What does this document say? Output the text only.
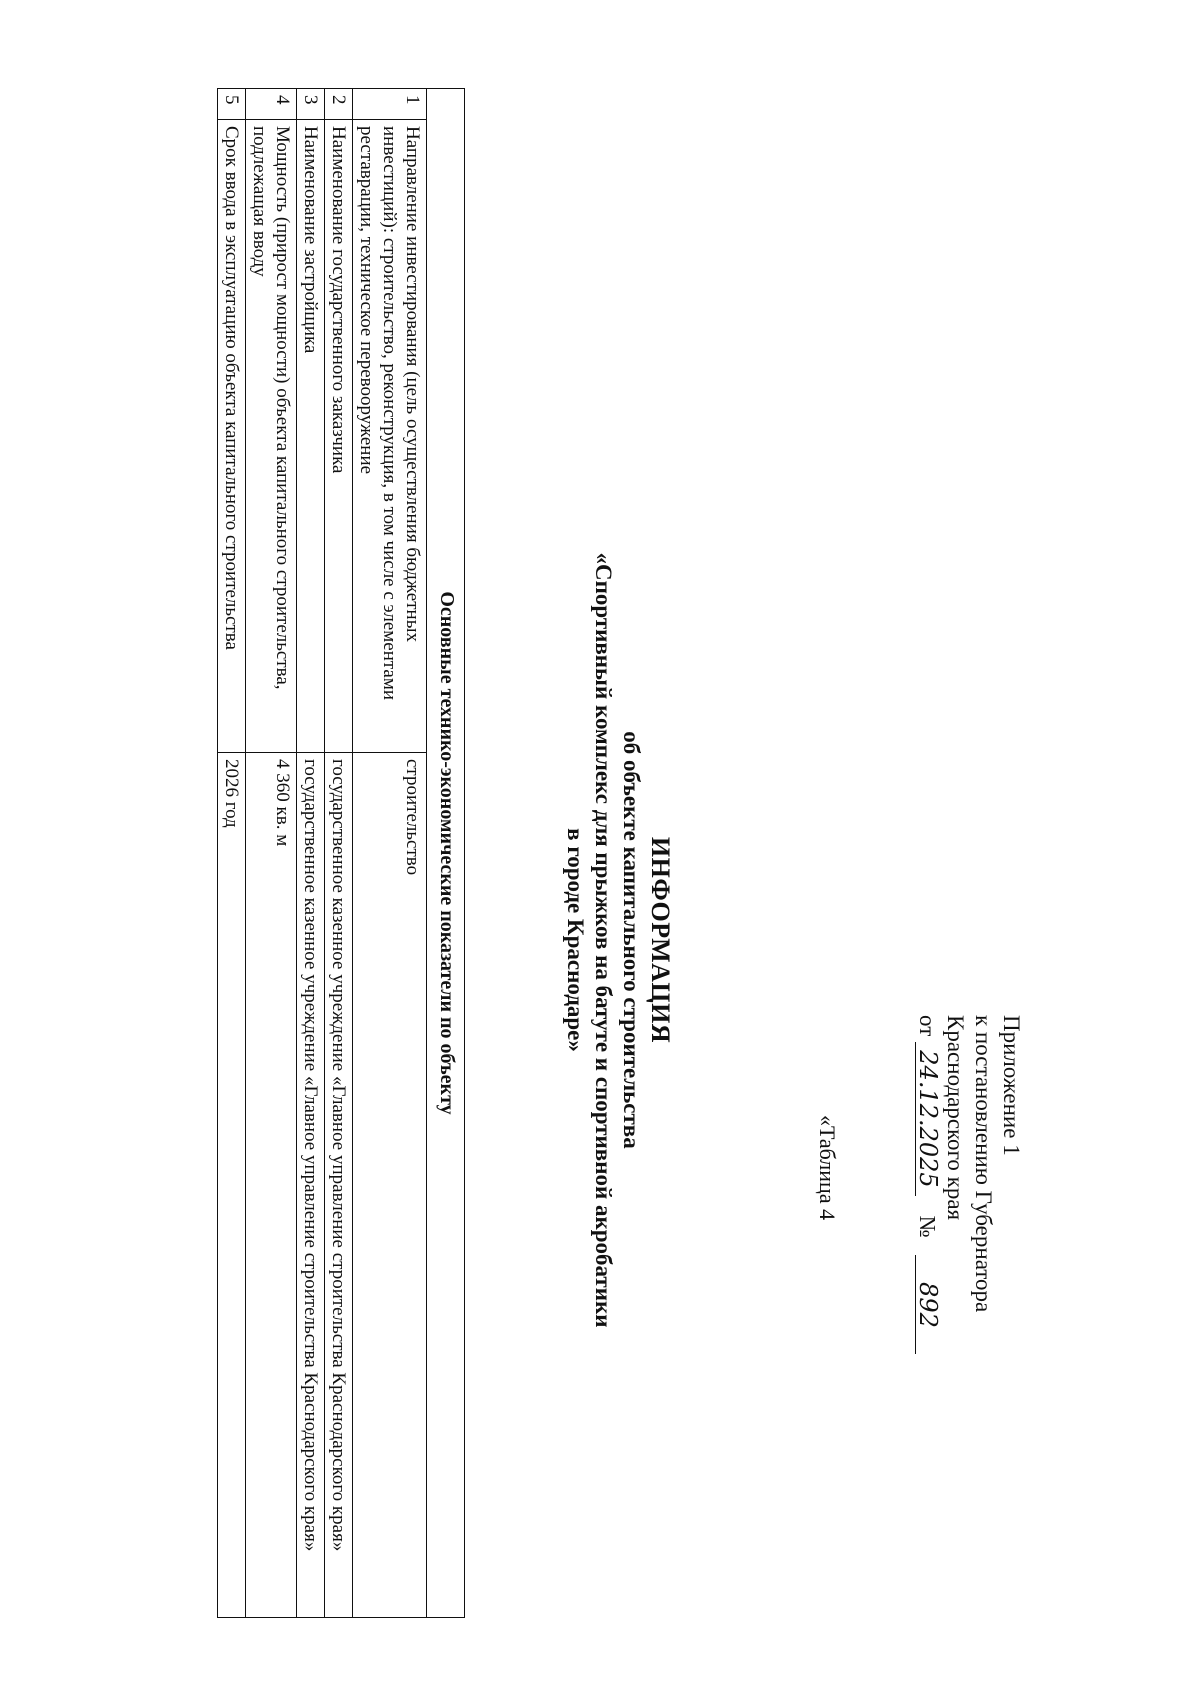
Приложение 1
к постановлению Губернатора
Краснодарского края
от 24.12.2025 № 892
«Таблица 4
ИНФОРМАЦИЯ
об объекте капитального строительства
«Спортивный комплекс для прыжков на батуте и спортивной акробатики
в городе Краснодаре»
Основные технико-экономические показатели по объекту		
1	Направление инвестирования (цель осуществления бюджетных инвестиций): строительство, реконструкция, в том числе с элементами реставрации, техническое перевооружение	строительство
2	Наименование государственного заказчика	государственное казенное учреждение «Главное управление строительства Краснодарского края»
3	Наименование застройщика	государственное казенное учреждение «Главное управление строительства Краснодарского края»
4	Мощность (прирост мощности) объекта капитального строительства, подлежащая вводу	4 360 кв. м
5	Срок ввода в эксплуатацию объекта капитального строительства	2026 год
